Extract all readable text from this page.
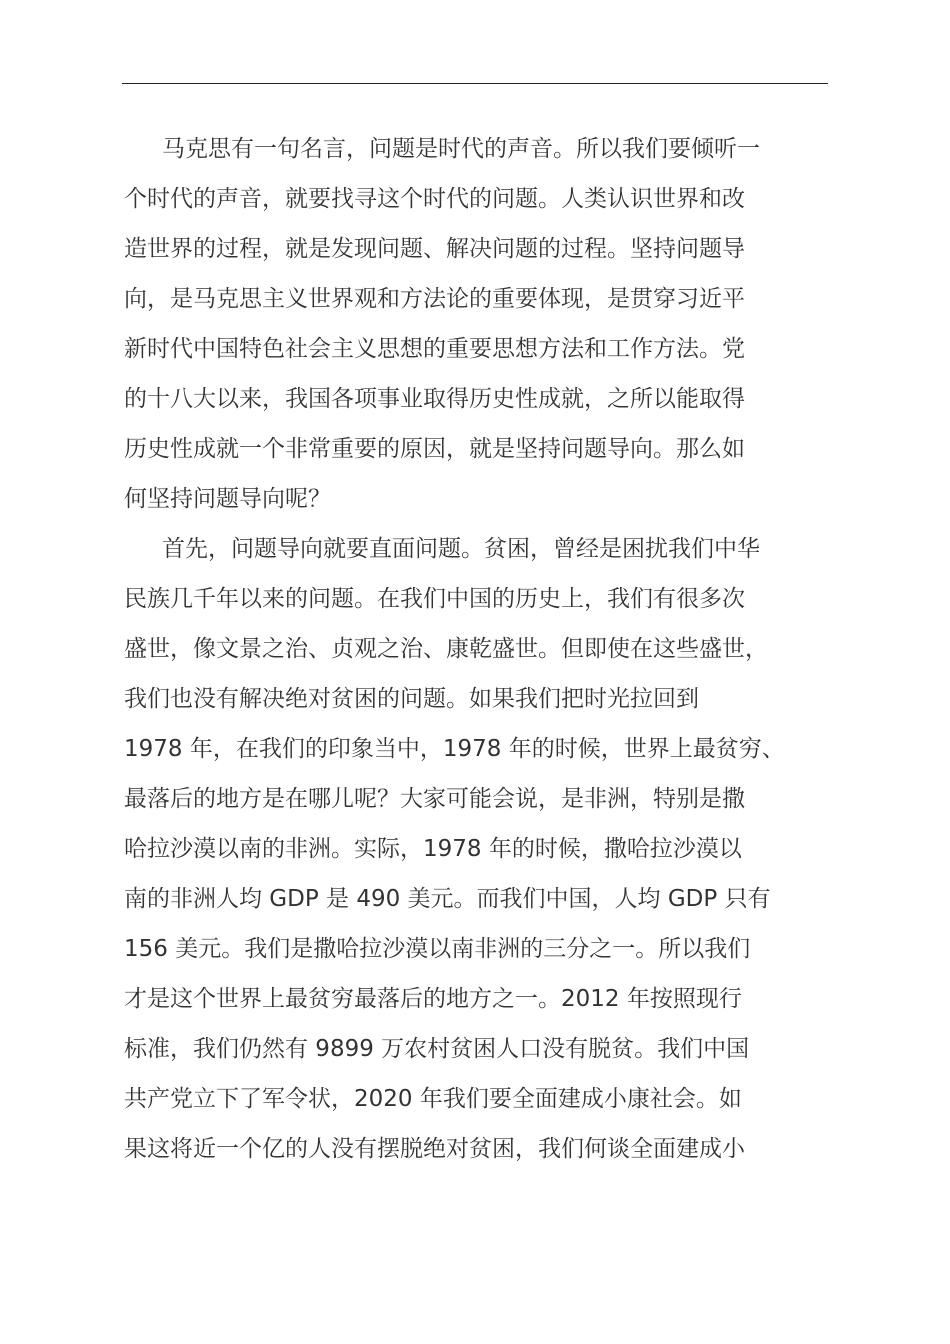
马克思有一句名言，问题是时代的声音。所以我们要倾听一
个时代的声音，就要找寻这个时代的问题。人类认识世界和改
造世界的过程，就是发现问题、解决问题的过程。坚持问题导
向，是马克思主义世界观和方法论的重要体现，是贯穿习近平
新时代中国特色社会主义思想的重要思想方法和工作方法。党
的十八大以来，我国各项事业取得历史性成就，之所以能取得
历史性成就一个非常重要的原因，就是坚持问题导向。那么如
何坚持问题导向呢？
首先，问题导向就要直面问题。贫困，曾经是困扰我们中华
民族几千年以来的问题。在我们中国的历史上，我们有很多次
盛世，像文景之治、贞观之治、康乾盛世。但即使在这些盛世，
我们也没有解决绝对贫困的问题。如果我们把时光拉回到
1978 年，在我们的印象当中，1978 年的时候，世界上最贫穷、
最落后的地方是在哪儿呢？大家可能会说，是非洲，特别是撒
哈拉沙漠以南的非洲。实际，1978 年的时候，撒哈拉沙漠以
南的非洲人均 GDP 是 490 美元。而我们中国，人均 GDP 只有
156 美元。我们是撒哈拉沙漠以南非洲的三分之一。所以我们
才是这个世界上最贫穷最落后的地方之一。2012 年按照现行
标准，我们仍然有 9899 万农村贫困人口没有脱贫。我们中国
共产党立下了军令状，2020 年我们要全面建成小康社会。如
果这将近一个亿的人没有摆脱绝对贫困，我们何谈全面建成小
